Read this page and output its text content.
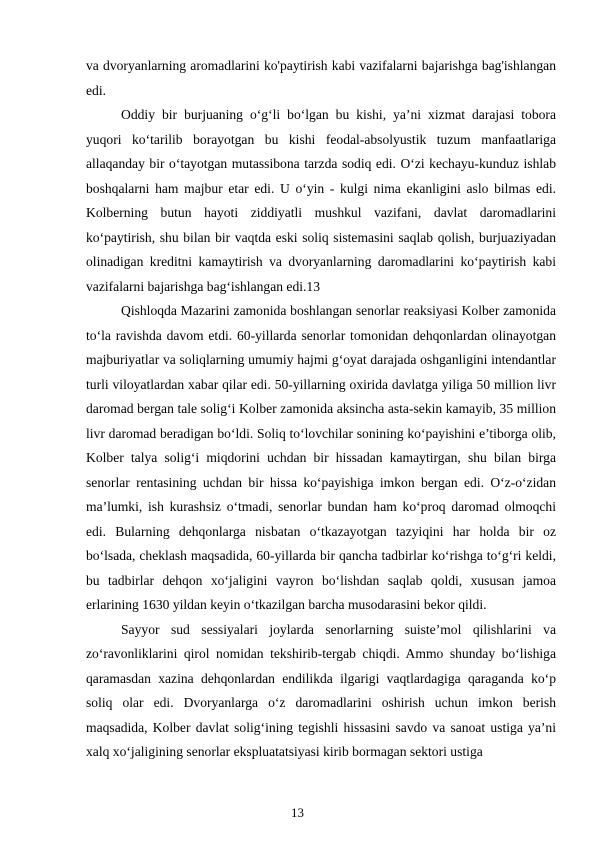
va dvoryanlarning aromadlarini ko'paytirish kabi vazifalarni bajarishga bag'ishlangan edi.

Oddiy bir burjuaning o‘g‘li bo‘lgan bu kishi, ya’ni xizmat darajasi tobora yuqori ko‘tarilib borayotgan bu kishi feodal-absolyustik tuzum manfaatlariga allaqanday bir o‘tayotgan mutassibona tarzda sodiq edi. O‘zi kechayu-kunduz ishlab boshqalarni ham majbur etar edi. U o‘yin - kulgi nima ekanligini aslo bilmas edi. Kolberning butun hayoti ziddiyatli mushkul vazifani, davlat daromadlarini ko‘paytirish, shu bilan bir vaqtda eski soliq sistemasini saqlab qolish, burjuaziyadan olinadigan kreditni kamaytirish va dvoryanlarning daromadlarini ko‘paytirish kabi vazifalarni bajarishga bag‘ishlangan edi.13

Qishloqda Mazarini zamonida boshlangan senorlar reaksiyasi Kolber zamonida to‘la ravishda davom etdi. 60-yillarda senorlar tomonidan dehqonlardan olinayotgan majburiyatlar va soliqlarning umumiy hajmi g‘oyat darajada oshganligini intendantlar turli viloyatlardan xabar qilar edi. 50-yillarning oxirida davlatga yiliga 50 million livr daromad bergan tale solig‘i Kolber zamonida aksincha asta-sekin kamayib, 35 million livr daromad beradigan bo‘ldi. Soliq to‘lovchilar sonining ko‘payishini e’tiborga olib, Kolber talya solig‘i miqdorini uchdan bir hissadan kamaytirgan, shu bilan birga senorlar rentasining uchdan bir hissa ko‘payishiga imkon bergan edi. O‘z-o‘zidan ma’lumki, ish kurashsiz o‘tmadi, senorlar bundan ham ko‘proq daromad olmoqchi edi. Bularning dehqonlarga nisbatan o‘tkazayotgan tazyiqini har holda bir oz bo‘lsada, cheklash maqsadida, 60-yillarda bir qancha tadbirlar ko‘rishga to‘g‘ri keldi, bu tadbirlar dehqon xo‘jaligini vayron bo‘lishdan saqlab qoldi, xususan jamoa erlarining 1630 yildan keyin o‘tkazilgan barcha musodarasini bekor qildi.

Sayyor sud sessiyalari joylarda senorlarning suiste’mol qilishlarini va zo‘ravonliklarini qirol nomidan tekshirib-tergab chiqdi. Ammo shunday bo‘lishiga qaramasdan xazina dehqonlardan endilikda ilgarigi vaqtlardagiga qaraganda ko‘p soliq olar edi. Dvoryanlarga o‘z daromadlarini oshirish uchun imkon berish maqsadida, Kolber davlat solig‘ining tegishli hissasini savdo va sanoat ustiga ya’ni xalq xo‘jaligining senorlar ekspluatatsiyasi kirib bormagan sektori ustiga

13
